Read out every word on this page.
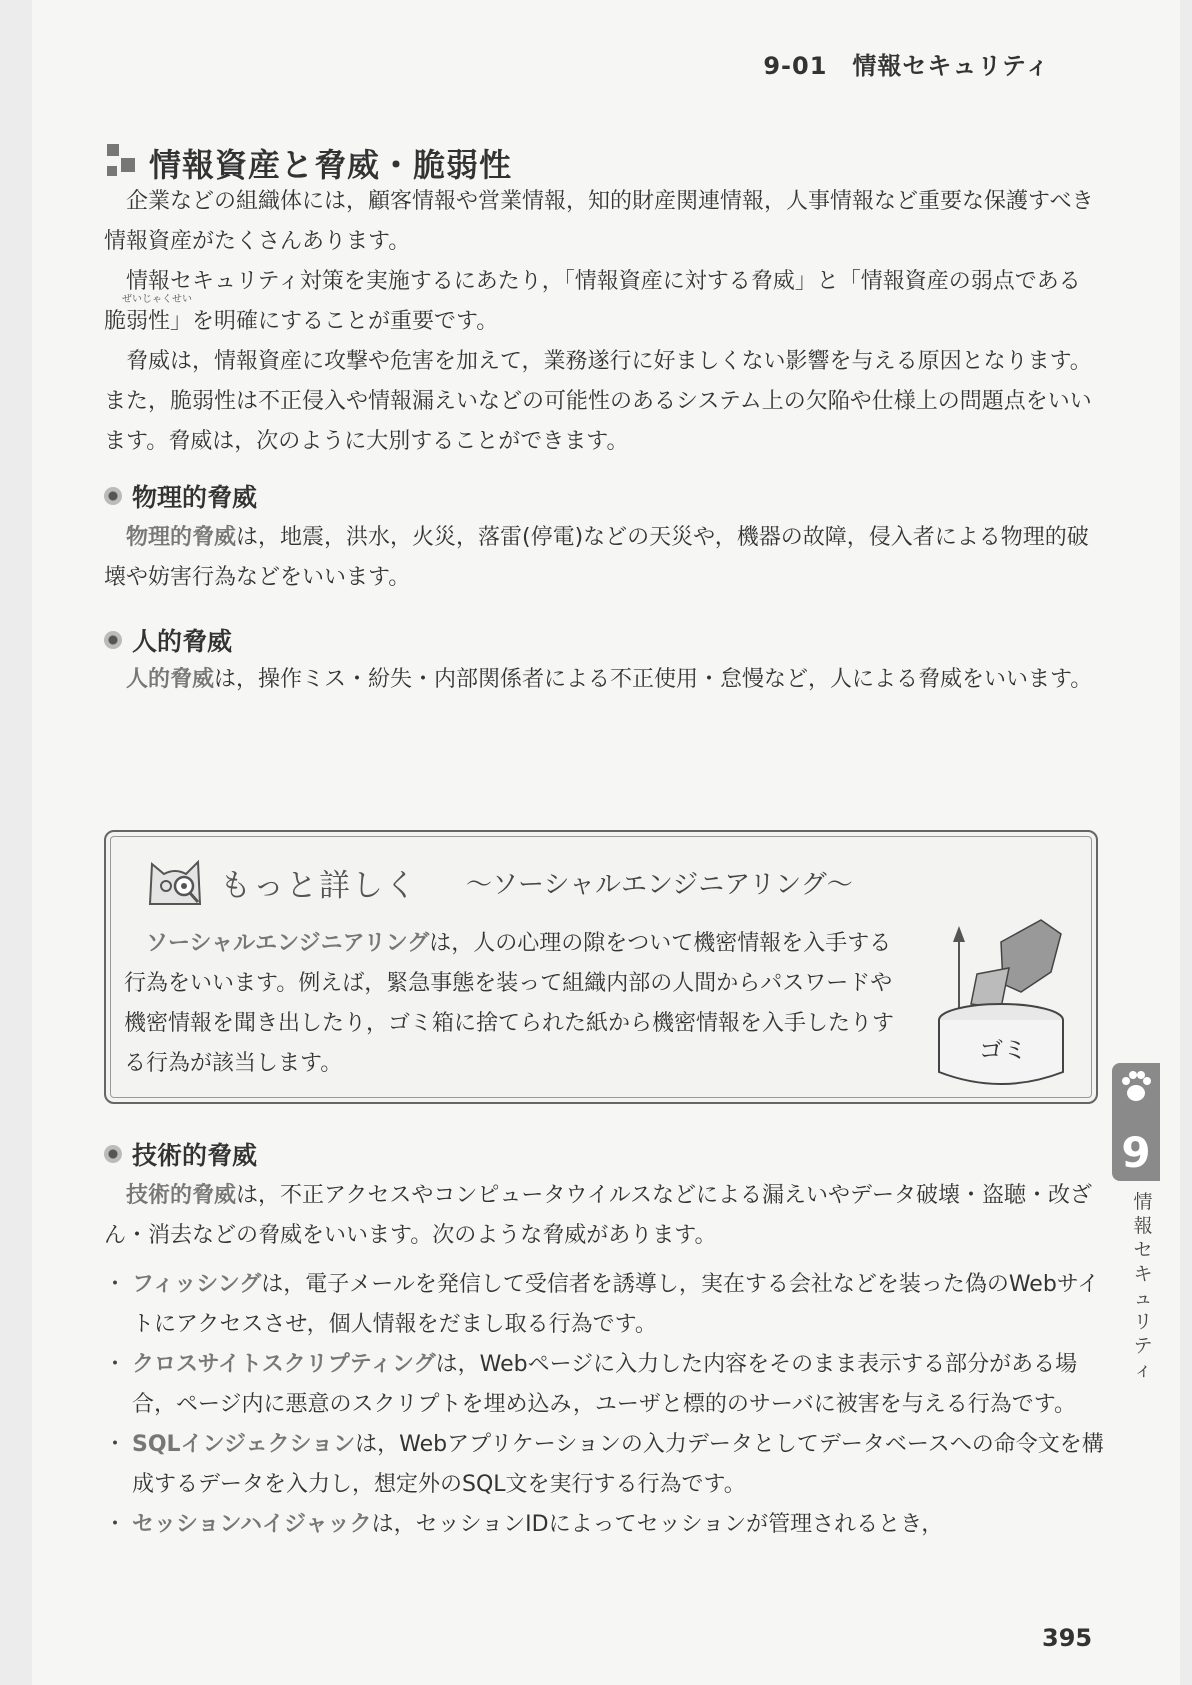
9-01　情報セキュリティ
情報資産と脅威・脆弱性
企業などの組織体には，顧客情報や営業情報，知的財産関連情報，人事情報など重要な保護すべき情報資産がたくさんあります。
情報セキュリティ対策を実施するにあたり，「情報資産に対する脅威」と「情報資産の弱点である
ぜいじゃくせい
脆弱性」を明確にすることが重要です。
脅威は，情報資産に攻撃や危害を加えて，業務遂行に好ましくない影響を与える原因となります。また，脆弱性は不正侵入や情報漏えいなどの可能性のあるシステム上の欠陥や仕様上の問題点をいいます。脅威は，次のように大別することができます。
物理的脅威
物理的脅威は，地震，洪水，火災，落雷(停電)などの天災や，機器の故障，侵入者による物理的破壊や妨害行為などをいいます。
人的脅威
人的脅威は，操作ミス・紛失・内部関係者による不正使用・怠慢など，人による脅威をいいます。
もっと詳しく 〜ソーシャルエンジニアリング〜
ソーシャルエンジニアリングは，人の心理の隙をついて機密情報を入手する行為をいいます。例えば，緊急事態を装って組織内部の人間からパスワードや機密情報を聞き出したり，ゴミ箱に捨てられた紙から機密情報を入手したりする行為が該当します。	ゴミ
技術的脅威
技術的脅威は，不正アクセスやコンピュータウイルスなどによる漏えいやデータ破壊・盗聴・改ざん・消去などの脅威をいいます。次のような脅威があります。
・ フィッシングは，電子メールを発信して受信者を誘導し，実在する会社などを装った偽のWebサイトにアクセスさせ，個人情報をだまし取る行為です。
・ クロスサイトスクリプティングは，Webページに入力した内容をそのまま表示する部分がある場合，ページ内に悪意のスクリプトを埋め込み，ユーザと標的のサーバに被害を与える行為です。
・ SQLインジェクションは，Webアプリケーションの入力データとしてデータベースへの命令文を構成するデータを入力し，想定外のSQL文を実行する行為です。
・ セッションハイジャックは，セッションIDによってセッションが管理されるとき，
395
9
情報セキュリティ
